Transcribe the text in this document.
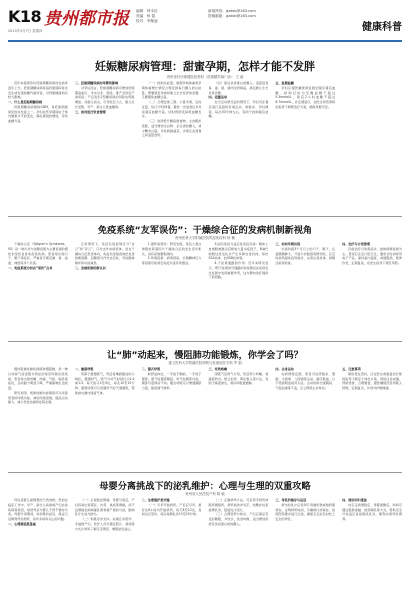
K18 贵州都市报
2019年3月7日 星期四
编辑：钟本伦
美编：杨 霞
校对：李佩凌
新闻热线：gzdsb@163.com
投稿邮箱：gzdsb@163.com
健康科普
妊娠糖尿病管理：甜蜜孕期，怎样才能不发胖
贵州省妇幼保健院营养科（妊娠糖尿病门诊） 王 丽
近年来我国孕妇妊娠期糖尿病的发病率逐年上升。妊娠期糖尿病是指妊娠期间首次发生或发现的糖代谢异常，对母婴健康均有较大影响。
一、什么是妊娠期糖尿病
妊娠期糖尿病简称GDM，是妊娠期最常见的并发症之一。孕妇在怀孕期间由于体内激素水平的变化，胰岛素抵抗增加，导致血糖升高。
二、妊娠期糖尿病对母婴的影响
对孕妇而言，妊娠期糖尿病可增加妊娠期高血压、羊水过多、感染、难产及剖宫产的风险；产后发生2型糖尿病的风险也明显增加。对胎儿而言，可导致巨大儿、胎儿生长受限、早产、新生儿低血糖等。
三、如何进行饮食管理
（一）控制总能量。根据孕前体重和孕期体重增长情况合理安排每日摄入的总能量，既要满足母体和胎儿生长发育的需要，又要避免血糖过高。
（二）合理安排三餐。少量多餐，定时定量，每日分5至6餐，避免一次进食过多导致餐后血糖升高，同时预防夜间低血糖发生。
（三）选择低升糖指数食物。主食粗细搭配，适当增加全谷物、杂豆类的摄入，减少精米白面，多吃新鲜蔬菜，水果应在两餐之间适量食用。
（四）保证优质蛋白质摄入。适量进食鱼、禽、蛋、瘦肉及奶制品，满足胎儿生长发育需要。
四、适量运动
在无运动禁忌证的情况下，孕妇可在餐后进行适量的有氧运动，如散步、孕妇操等，每次30分钟左右，有助于控制餐后血糖。
五、监测血糖
孕妇应遵医嘱规律监测空腹及餐后血糖，控制目标为空腹血糖不超过5.3mmol/L，餐后2小时血糖不超过6.7mmol/L，并定期复诊，在医生和营养师的指导下调整治疗方案，确保母婴平安。
免疫系统“友军误伤”：干燥综合征的发病机制新视角
贵州医科大学附属医院风湿免疫科 杨 楠
干燥综合征（Sjögren's Syndrome，SS）是一种以外分泌腺受累为主要表现的慢性系统性自身免疫性疾病。患者常出现口干、眼干等症状，严重者可累及肺、肾、血液、神经等多个系统。
一、免疫系统为何会“误伤”自身
正常情况下，免疫系统能够区分“自己”和“异己”，只攻击外来病原体。而在干燥综合征患者体内，免疫系统错误地把自身的唾液腺、泪腺等当作攻击目标，导致腺体破坏和功能减退。
二、发病机制的新认识
1.遗传易感性：研究发现，某些人类白细胞抗原基因与干燥综合征的发生密切相关，具有家族聚集倾向。
2.环境因素：病毒感染、长期精神压力等因素可能诱发免疫系统异常激活。
3.固有免疫与适应性免疫异常：腺体上皮细胞被激活后释放大量炎症因子，B淋巴细胞过度活化并产生多种自身抗体，如抗SSA抗体、抗SSB抗体等。
4.干扰素通路的作用：近年来研究显示，I型干扰素信号通路的持续激活在疾病发生发展中发挥重要作用，这为靶向治疗提供了新思路。
三、如何早期识别
出现持续3个月以上的口干、眼干，反复腮腺肿大，牙齿片状脱落等情况时，应及时到风湿免疫科就诊，完善自身抗体、唇腺活检等检查。
四、治疗与日常管理
目前治疗以改善症状、控制病情进展为主。患者应注意口腔卫生，避免长时间使用电子产品，保持室内湿度，戒烟限酒，规律作息，定期复查，在医生指导下规范用药。
让“肺”动起来，慢阻肺功能锻炼，你学会了吗？
遵义医科大学附属医院呼吸与危重症医学科 罗 娟
慢性阻塞性肺疾病简称慢阻肺，是一种以持续气流受限为特征的常见呼吸系统疾病，患者常出现咳嗽、咳痰、气短、喘息等症状，活动耐力明显下降，严重影响生活质量。
研究表明，规律的肺功能锻炼可以改善患者的呼吸功能，减轻呼吸困难，提高运动耐力，减少急性加重和住院次数。
一、缩唇呼吸
用鼻子缓慢吸气，然后将嘴唇缩成吹口哨状，缓慢呼气，吸气与呼气时间比为1:2或1:3。每天练习3至4次，每次10至15分钟。缩唇呼吸可以延缓呼气时气道塌陷，帮助排出肺内残留气体。
二、腹式呼吸
取舒适体位，一手放于胸前，一手放于腹部。吸气时腹部隆起，呼气时腹部内收，胸部尽量保持不动。腹式呼吸可以增强膈肌力量，提高通气效率。
三、有效咳嗽
深吸气后屏气片刻，然后用力咳嗽，将痰液咳出。配合拍背、雾化吸入等方法，有助于痰液排出，保持呼吸道通畅。
四、全身运动
在病情稳定期，患者可选择散步、慢跑、太极拳、八段锦等运动，循序渐进，以不感到明显疲劳为宜。运动时如出现胸闷、气促加重等不适，应立即停止并休息。
五、注意事项
锻炼贵在坚持，应在医生或康复治疗师的指导下制定个体化方案。同时注意戒烟，预防感冒，合理膳食，遵医嘱规范使用吸入药物，定期复诊，共同守护肺健康。
母婴分离挑战下的泌乳维护：心理与生理的双重攻略
贵州省人民医院产科 陈 敏
母乳是婴儿最理想的天然食物，然而在临床工作中，早产、新生儿疾病或产妇自身疾病等原因，常使母亲与婴儿不得不暂时分离。母婴分离期间，如何维持泌乳、保证日后顺利母乳喂养，是许多妈妈关心的问题。
一、心理调适是基础
（一）正视焦虑情绪。母婴分离后，产妇容易出现紧张、自责、焦虑等情绪，而不良情绪会抑制催乳素和催产素的分泌，影响乳汁生成与排出。
（二）积极寻求支持。家属应多陪伴、多鼓励产妇，医护人员可通过照片、视频等方式让妈妈了解宝宝情况，增强泌乳信心。
二、生理维护是关键
（一）尽早开始挤奶。产后应尽早，最好在6小时内开始挤奶，每天8至12次，夜间也应坚持，每次每侧乳房15至20分钟。
（二）正确挤奶方法。可采用手挤奶或吸奶器吸奶，挤奶前洗净双手，热敷并轻柔按摩乳房，促进乳汁流出。
（三）合理营养与休息。产妇应保证充足的睡眠，多饮水，饮食均衡，适当增加汤类及优质蛋白质的摄入。
三、母乳的储存与运送
挤出的乳汁应使用专用储奶袋或储奶瓶保存，注明挤奶时间，冷藏或冷冻保存，按照医院要求进行运送，确保宝宝能及时吃上安全的母乳。
四、做好回归准备
待宝宝病情稳定、母婴团聚后，妈妈可通过肌肤接触、按需哺乳等方式，帮助宝宝尽快适应直接吸吮乳房，顺利实现母乳喂养。
